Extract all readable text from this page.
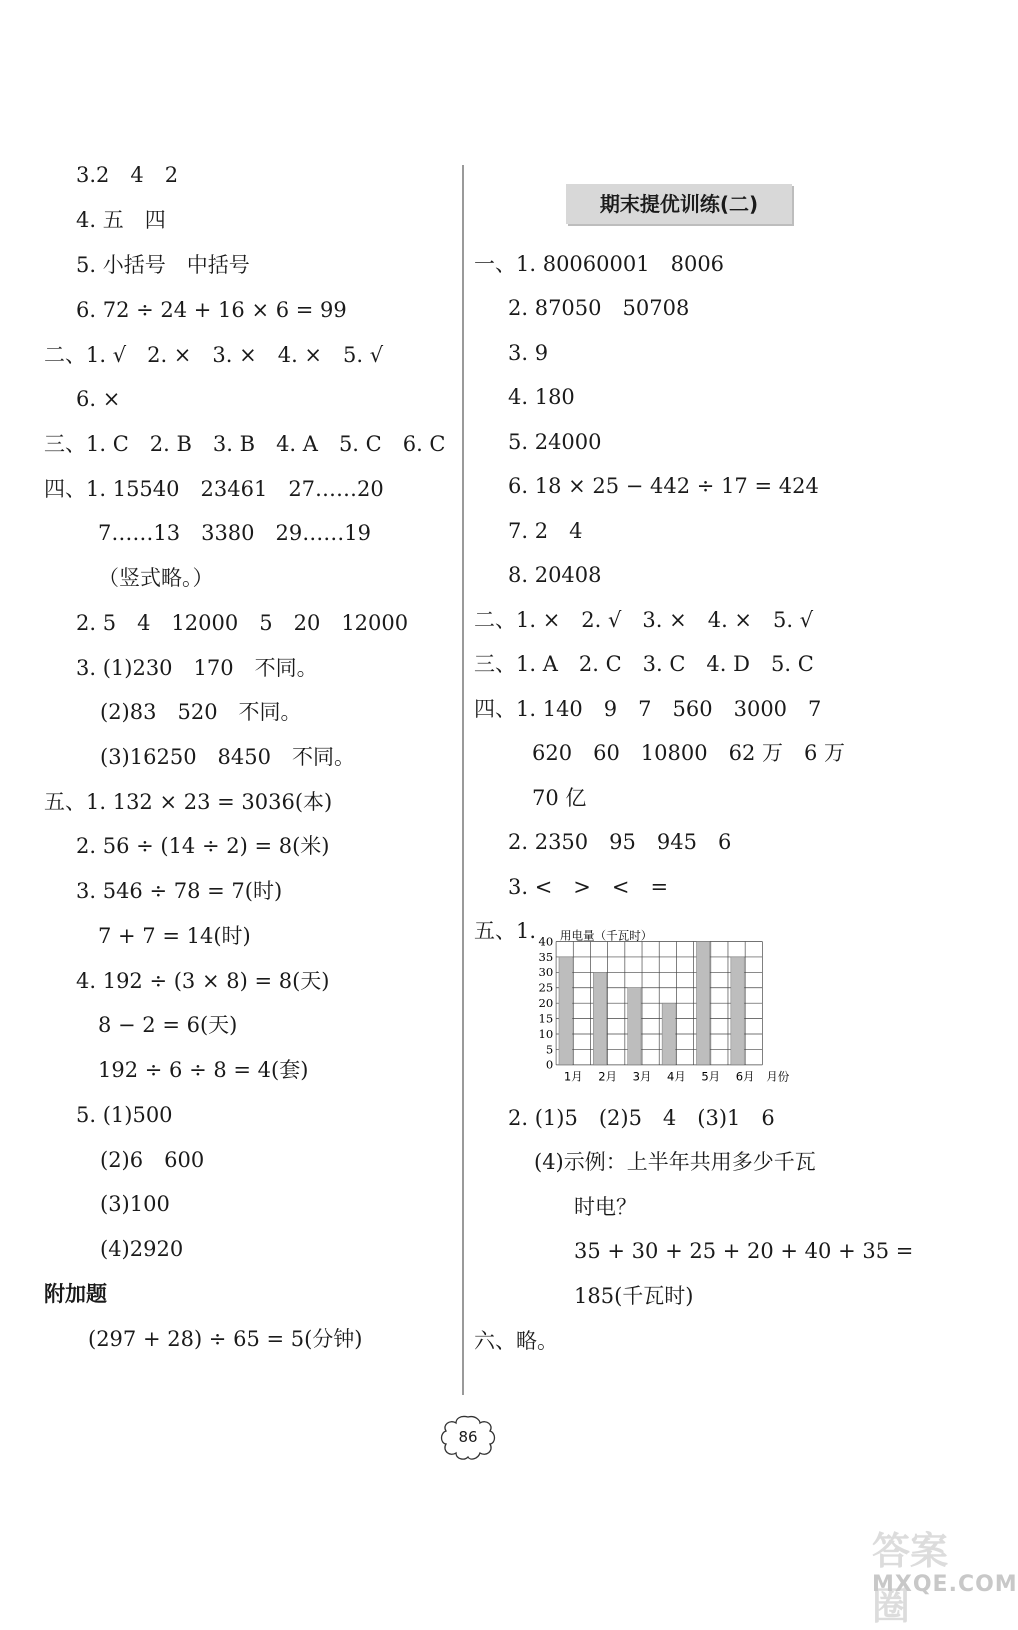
3.2　4　2
4. 五　四
5. 小括号　中括号
6. 72 ÷ 24 + 16 × 6 = 99
二、1. √　2. ×　3. ×　4. ×　5. √
6. ×
三、1. C　2. B　3. B　4. A　5. C　6. C
四、1. 15540　23461　27……20
7……13　3380　29……19
（竖式略。）
2. 5　4　12000　5　20　12000
3. (1)230　170　不同。
(2)83　520　不同。
(3)16250　8450　不同。
五、1. 132 × 23 = 3036(本)
2. 56 ÷ (14 ÷ 2) = 8(米)
3. 546 ÷ 78 = 7(时)
7 + 7 = 14(时)
4. 192 ÷ (3 × 8) = 8(天)
8 − 2 = 6(天)
192 ÷ 6 ÷ 8 = 4(套)
5. (1)500
(2)6　600
(3)100
(4)2920
附加题
(297 + 28) ÷ 65 = 5(分钟)
期末提优训练(二)
一、1. 80060001　8006
2. 87050　50708
3. 9
4. 180
5. 24000
6. 18 × 25 − 442 ÷ 17 = 424
7. 2　4
8. 20408
二、1. ×　2. √　3. ×　4. ×　5. √
三、1. A　2. C　3. C　4. D　5. C
四、1. 140　9　7　560　3000　7
620　60　10800　62 万　6 万
70 亿
2. 2350　95　945　6
3. <　>　<　=
五、1.
2. (1)5　(2)5　4　(3)1　6
(4)示例：上半年共用多少千瓦
时电？
35 + 30 + 25 + 20 + 40 + 35 =
185(千瓦时)
六、略。
0
5
10
15
20
25
30
35
40
1月 2月 3月 4月 5月 6月
用电量（千瓦时）
月份
86
答案圈
MXQE.COM
